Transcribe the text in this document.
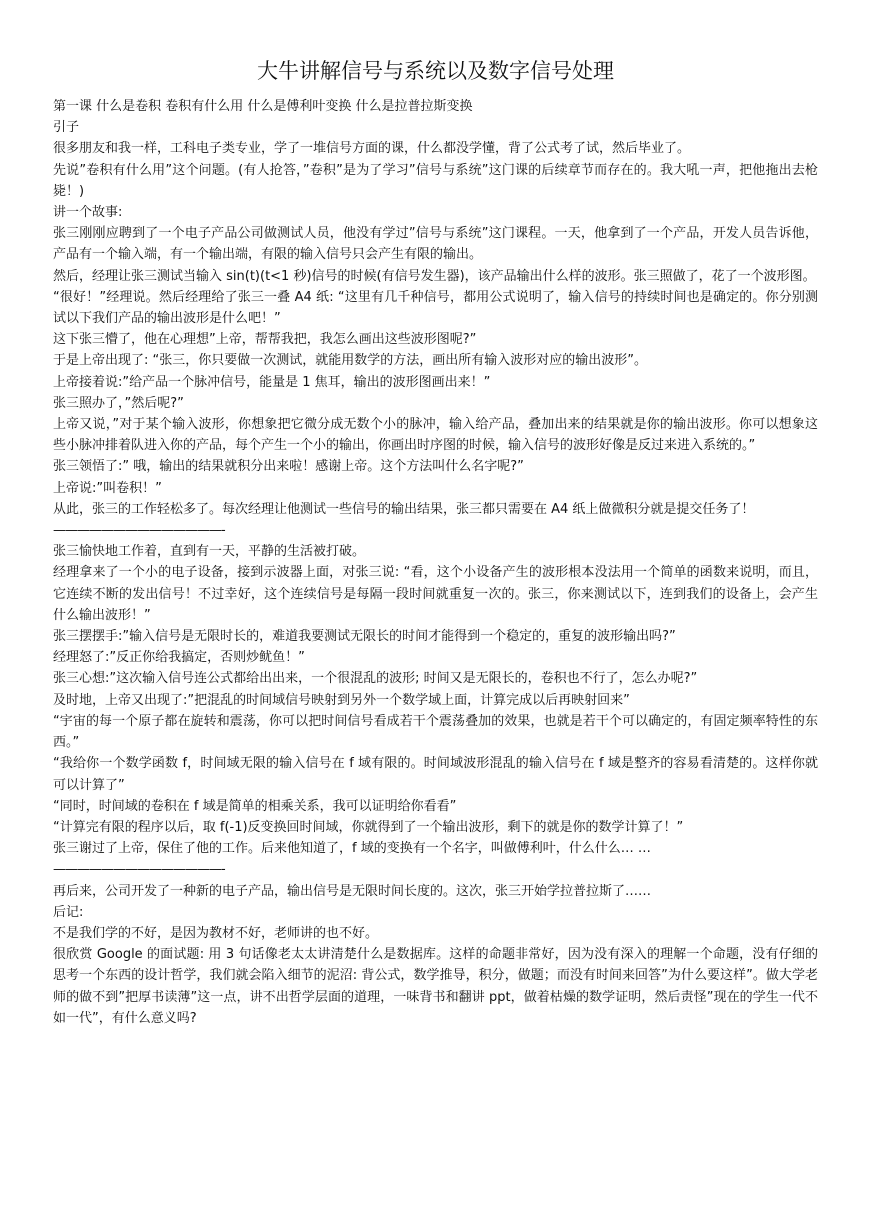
大牛讲解信号与系统以及数字信号处理

第一课 什么是卷积 卷积有什么用 什么是傅利叶变换 什么是拉普拉斯变换

引子

很多朋友和我一样，工科电子类专业，学了一堆信号方面的课，什么都没学懂，背了公式考了试，然后毕业了。

先说”卷积有什么用”这个问题。(有人抢答，”卷积”是为了学习”信号与系统”这门课的后续章节而存在的。我大吼一声，把他拖出去枪毙！)

讲一个故事:

张三刚刚应聘到了一个电子产品公司做测试人员，他没有学过”信号与系统”这门课程。一天，他拿到了一个产品，开发人员告诉他，产品有一个输入端，有一个输出端，有限的输入信号只会产生有限的输出。

然后，经理让张三测试当输入 sin(t)(t<1 秒)信号的时候(有信号发生器)，该产品输出什么样的波形。张三照做了，花了一个波形图。

“很好！”经理说。然后经理给了张三一叠 A4 纸: “这里有几千种信号，都用公式说明了，输入信号的持续时间也是确定的。你分别测试以下我们产品的输出波形是什么吧！”

这下张三懵了，他在心理想”上帝，帮帮我把，我怎么画出这些波形图呢?”

于是上帝出现了: “张三，你只要做一次测试，就能用数学的方法，画出所有输入波形对应的输出波形”。

上帝接着说:”给产品一个脉冲信号，能量是 1 焦耳，输出的波形图画出来！”

张三照办了，”然后呢?”

上帝又说，”对于某个输入波形，你想象把它微分成无数个小的脉冲，输入给产品，叠加出来的结果就是你的输出波形。你可以想象这些小脉冲排着队进入你的产品，每个产生一个小的输出，你画出时序图的时候，输入信号的波形好像是反过来进入系统的。”

张三领悟了:” 哦，输出的结果就积分出来啦！感谢上帝。这个方法叫什么名字呢?”

上帝说:”叫卷积！”

从此，张三的工作轻松多了。每次经理让他测试一些信号的输出结果，张三都只需要在 A4 纸上做微积分就是提交任务了！

——————————————-

张三愉快地工作着，直到有一天，平静的生活被打破。

经理拿来了一个小的电子设备，接到示波器上面，对张三说: “看，这个小设备产生的波形根本没法用一个简单的函数来说明，而且，它连续不断的发出信号！不过幸好，这个连续信号是每隔一段时间就重复一次的。张三，你来测试以下，连到我们的设备上，会产生什么输出波形！”

张三摆摆手:”输入信号是无限时长的，难道我要测试无限长的时间才能得到一个稳定的，重复的波形输出吗?”

经理怒了:”反正你给我搞定，否则炒鱿鱼！”

张三心想:”这次输入信号连公式都给出出来，一个很混乱的波形; 时间又是无限长的，卷积也不行了，怎么办呢?”

及时地，上帝又出现了:”把混乱的时间域信号映射到另外一个数学域上面，计算完成以后再映射回来”

“宇宙的每一个原子都在旋转和震荡，你可以把时间信号看成若干个震荡叠加的效果，也就是若干个可以确定的，有固定频率特性的东西。”

“我给你一个数学函数 f，时间域无限的输入信号在 f 域有限的。时间域波形混乱的输入信号在 f 域是整齐的容易看清楚的。这样你就可以计算了”

“同时，时间域的卷积在 f 域是简单的相乘关系，我可以证明给你看看”

“计算完有限的程序以后，取 f(-1)反变换回时间域，你就得到了一个输出波形，剩下的就是你的数学计算了！”

张三谢过了上帝，保住了他的工作。后来他知道了，f 域的变换有一个名字，叫做傅利叶，什么什么… …

——————————————-

再后来，公司开发了一种新的电子产品，输出信号是无限时间长度的。这次，张三开始学拉普拉斯了……

后记:

不是我们学的不好，是因为教材不好，老师讲的也不好。

很欣赏 Google 的面试题: 用 3 句话像老太太讲清楚什么是数据库。这样的命题非常好，因为没有深入的理解一个命题，没有仔细的思考一个东西的设计哲学，我们就会陷入细节的泥沼: 背公式，数学推导，积分，做题；而没有时间来回答”为什么要这样”。做大学老师的做不到”把厚书读薄”这一点，讲不出哲学层面的道理，一味背书和翻讲 ppt，做着枯燥的数学证明，然后责怪”现在的学生一代不如一代”，有什么意义吗?
